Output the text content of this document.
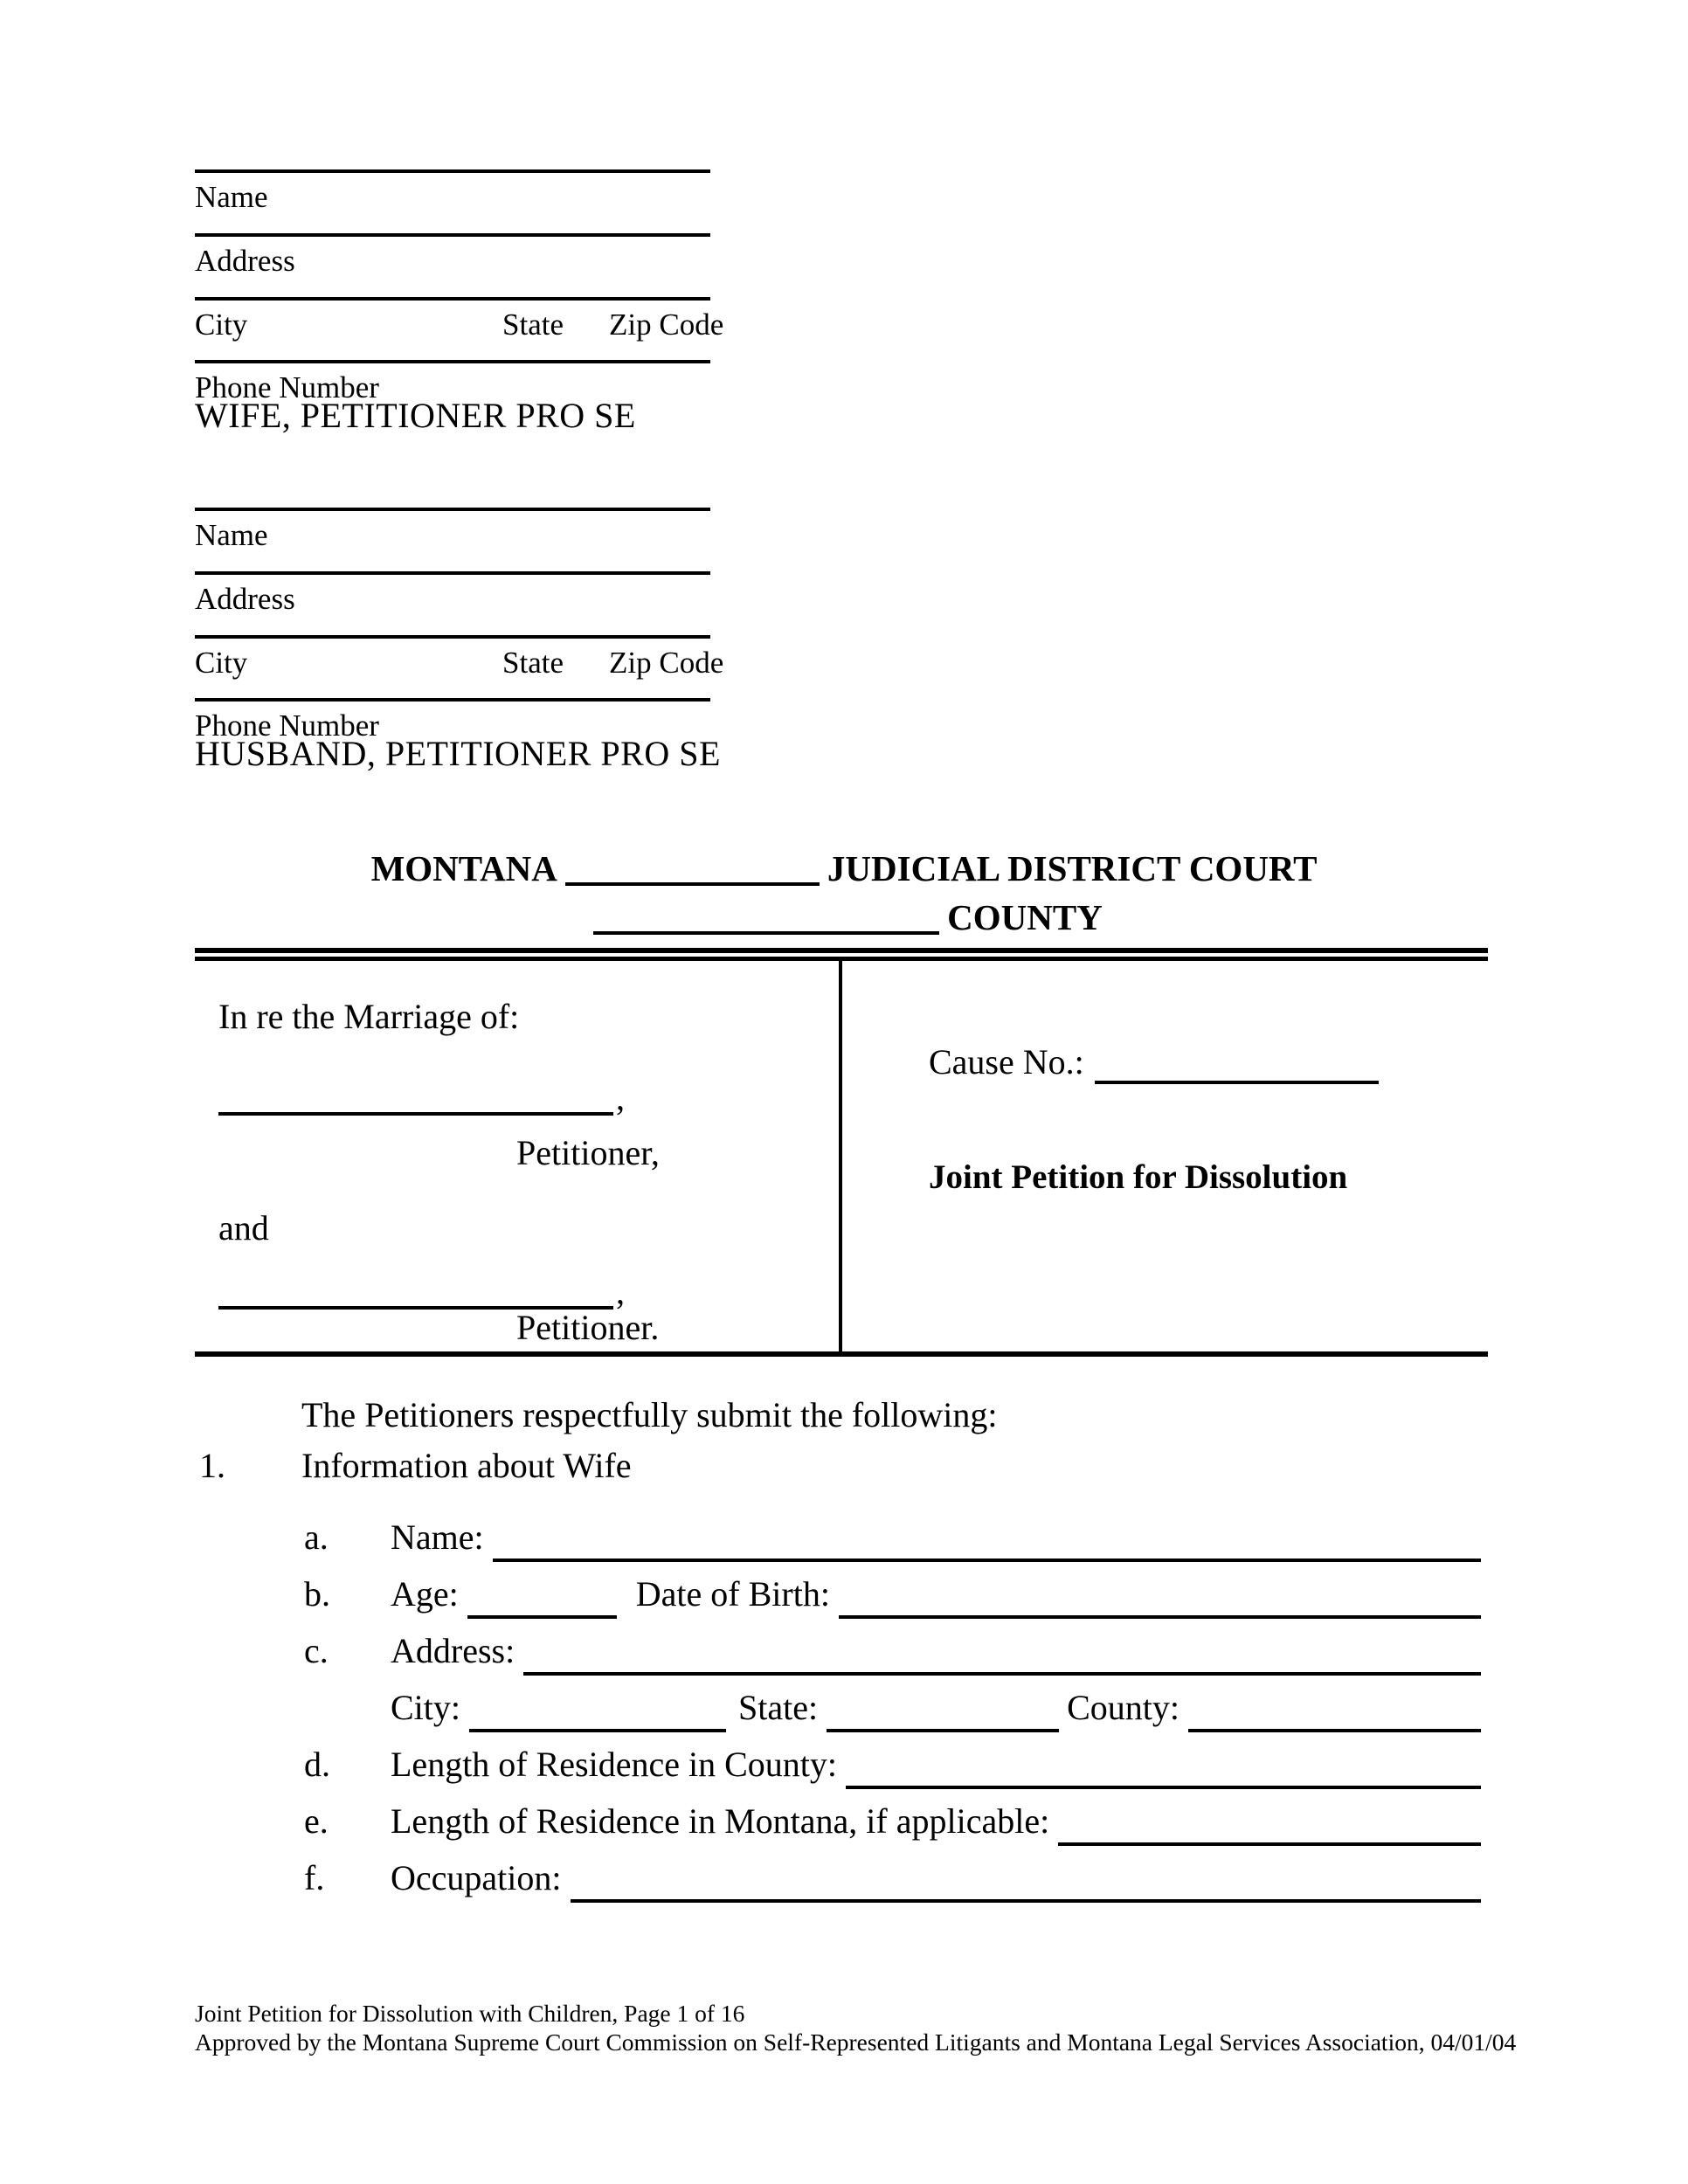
Name
Address
City	State Zip Code
Phone Number
WIFE, PETITIONER PRO SE
Name
Address
City	State Zip Code
Phone Number
HUSBAND, PETITIONER PRO SE
MONTANA	JUDICIAL DISTRICT COURT
COUNTY
In re the Marriage of:
,
Petitioner,
and
,
Petitioner.
Cause No.:
Joint Petition for Dissolution
The Petitioners respectfully submit the following:
1. Information about Wife
a.	Name:
b.	Age:	Date of Birth:
c.	Address:
City:	State:	County:
d.	Length of Residence in County:
e.	Length of Residence in Montana, if applicable:
f.	Occupation:
Joint Petition for Dissolution with Children, Page 1 of 16
Approved by the Montana Supreme Court Commission on Self-Represented Litigants and Montana Legal Services Association, 04/01/04
